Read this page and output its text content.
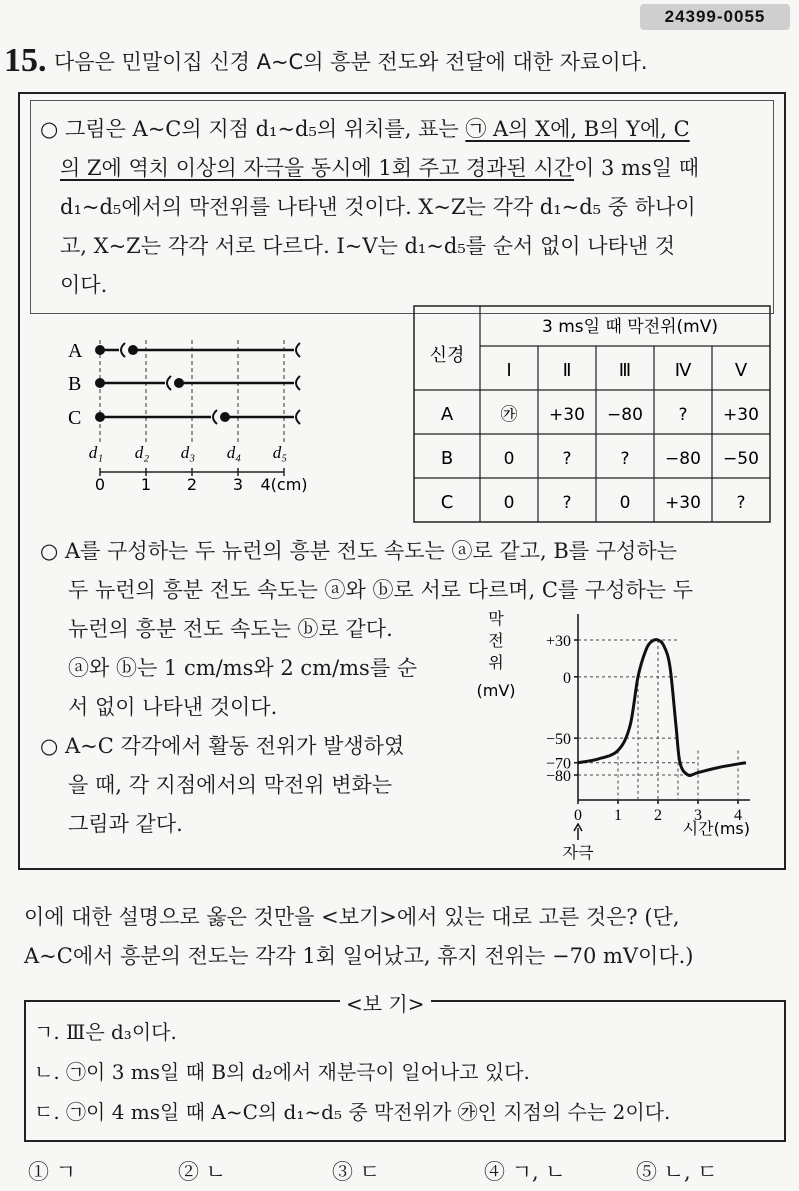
24399-0055
15. 다음은 민말이집 신경 A~C의 흥분 전도와 전달에 대한 자료이다.
○ 그림은 A~C의 지점 d₁~d₅의 위치를, 표는 ㉠ A의 X에, B의 Y에, C
의 Z에 역치 이상의 자극을 동시에 1회 주고 경과된 시간이 3 ms일 때
d₁~d₅에서의 막전위를 나타낸 것이다. X~Z는 각각 d₁~d₅ 중 하나이
고, X~Z는 각각 서로 다르다. Ⅰ~Ⅴ는 d₁~d₅를 순서 없이 나타낸 것
이다.
d₁
0
d₂
1
d₃
2
d₄
3
d₅
4(cm)
A
B
C
신경
3 ms일 때 막전위(mV)
Ⅰ	Ⅱ	Ⅲ Ⅳ Ⅴ
A	㉮ +30 −80 ? +30
B	0	?	? −80 −50
C	0	?	0 +30 ?
○ A를 구성하는 두 뉴런의 흥분 전도 속도는 ⓐ로 같고, B를 구성하는
두 뉴런의 흥분 전도 속도는 ⓐ와 ⓑ로 서로 다르며, C를 구성하는 두
뉴런의 흥분 전도 속도는 ⓑ로 같다.
ⓐ와 ⓑ는 1 cm/ms와 2 cm/ms를 순
서 없이 나타낸 것이다.
○ A~C 각각에서 활동 전위가 발생하였
을 때, 각 지점에서의 막전위 변화는
그림과 같다.
+30
0
−50
−70
−80
0 1 2 3 4
막
전
위
(mV)
시간(ms)
자극
이에 대한 설명으로 옳은 것만을 <보기>에서 있는 대로 고른 것은? (단,
A~C에서 흥분의 전도는 각각 1회 일어났고, 휴지 전위는 −70 mV이다.)
<보 기>
ㄱ. Ⅲ은 d₃이다.
ㄴ. ㉠이 3 ms일 때 B의 d₂에서 재분극이 일어나고 있다.
ㄷ. ㉠이 4 ms일 때 A~C의 d₁~d₅ 중 막전위가 ㉮인 지점의 수는 2이다.
① ㄱ	② ㄴ	③ ㄷ	④ ㄱ, ㄴ	⑤ ㄴ, ㄷ
